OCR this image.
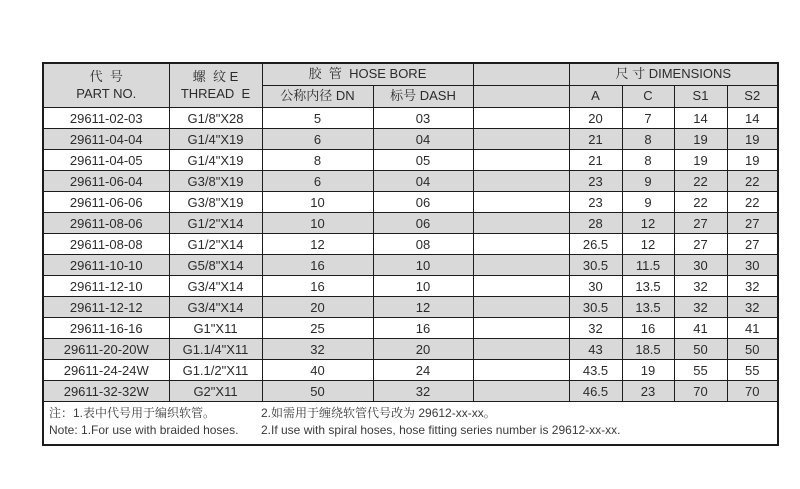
代  号
PART NO.	螺  纹 E
THREAD  E	胶  管  HOSE BORE			尺 寸 DIMENSIONS			
		公称内径 DN	标号 DASH		A	C	S1	S2
29611-02-03	G1/8"X28	5	03		20	7	14	14
29611-04-04	G1/4"X19	6	04		21	8	19	19
29611-04-05	G1/4"X19	8	05		21	8	19	19
29611-06-04	G3/8"X19	6	04		23	9	22	22
29611-06-06	G3/8"X19	10	06		23	9	22	22
29611-08-06	G1/2"X14	10	06		28	12	27	27
29611-08-08	G1/2"X14	12	08		26.5	12	27	27
29611-10-10	G5/8"X14	16	10		30.5	11.5	30	30
29611-12-10	G3/4"X14	16	10		30	13.5	32	32
29611-12-12	G3/4"X14	20	12		30.5	13.5	32	32
29611-16-16	G1"X11	25	16		32	16	41	41
29611-20-20W	G1.1/4"X11	32	20		43	18.5	50	50
29611-24-24W	G1.1/2"X11	40	24		43.5	19	55	55
29611-32-32W	G2"X11	50	32		46.5	23	70	70

注：1.表中代号用于编织软管。 2.如需用于缠绕软管代号改为 29612-xx-xx。
Note: 1.For use with braided hoses. 2.If use with spiral hoses, hose fitting series number is 29612-xx-xx.								
